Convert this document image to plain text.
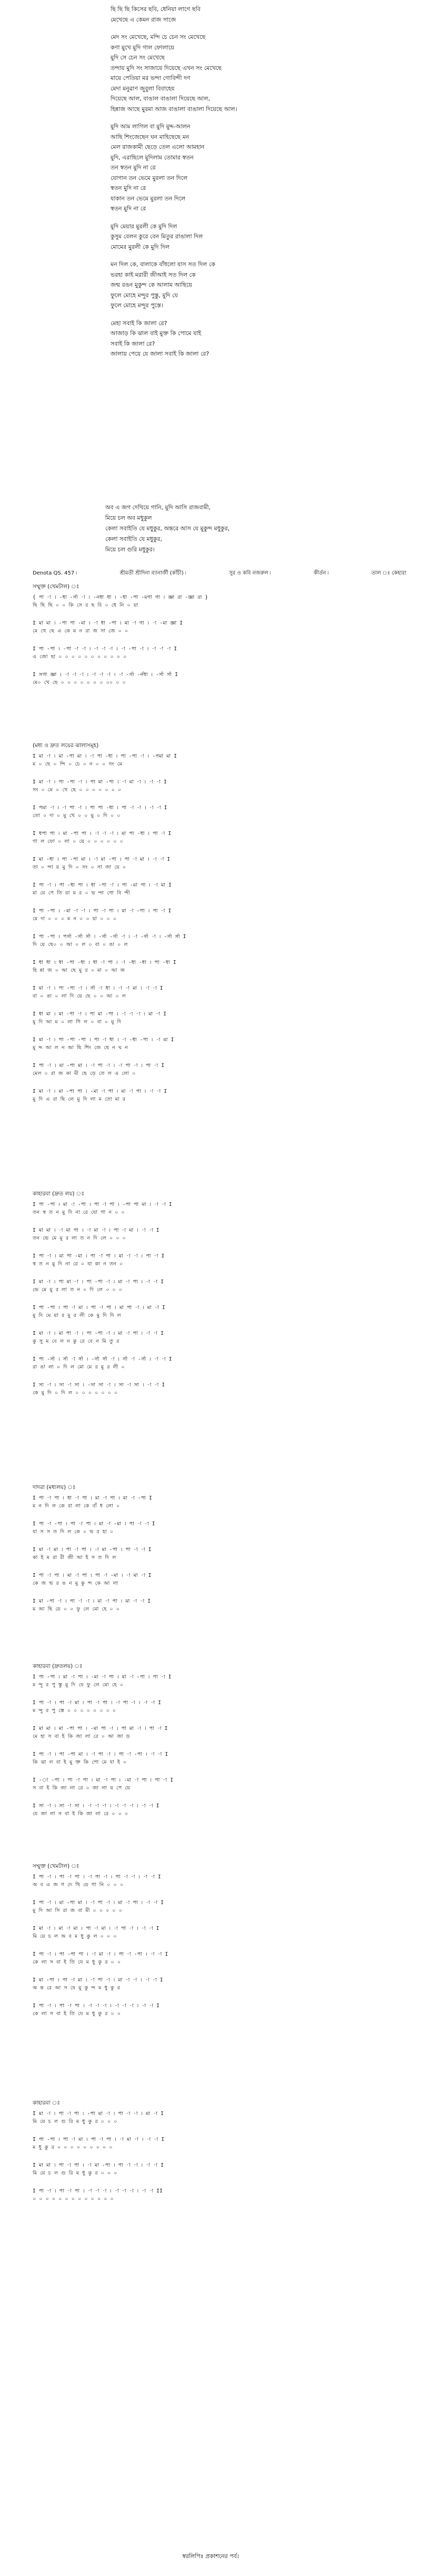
ছি ছি ছি কিসের ছবি, ধেনিয়া লাগে ছবি
মেখেছে এ কেমন রাজ সাজে
মেদ সং মেখেছে, মন্দি চে চেন সং মেখেছে
কণা মুখে মুদি গাল ফোলায়ে
মুদি সে চেন সং মেখেছে
তন্দায় মুদি সং সাজায়ে দিয়েছে এখন সং মেখেছে
মায়ে পেতিয়া মর ভন্দা গোবিন্দী দণ
মেদা মনুৱাণ জুবুলা বিবাহেয়
দিয়েছে আল, বাঙাল বাঙালা দিয়েছে আল,
হিন্নাজ আছে মুরমা আজ বাঙালা বাঙালা দিয়েছে আল।
মুদি আম লাগিল বা মুদি মুদ্দ-আলন
আছি শিংজেছেন ঘন মাহিছেছে মন
মেল রাজকামী ছেড়ে তেল এলো আমহান
মুদি, এরাছিলে মুদিলাম তোমার স্বতন
তন স্বতন মুদি না রে
যোগান তন ভেমে মুরলা তন দিলে
স্বতন মুদি না রে
যাকান তন ভেমে মুরলা তন দিলে
স্বতন মুদি না রে
মুদি মেয়ার মুরলী কে মুদি দিল
কুসুম বেলন কুরে বেন মিতুর রাঙালা দিল
মোমের মুরলী কে মুদি দিল
মন দিল কে, বালাকে বাঁধলো যাস সত দিল কে
ভরহা কাই মরারী জীআই সত দিল কে
জন্ম রঙন মুকুন্দ কে আলাম আছিয়ে
ফুলে মোহে মন্দুর পুস্তু, মুদি যে
ফুলে মোহে মন্দুর পুস্তে।
মেহা সবাই কি জালা রে?
আজাড় কি ঝাল বাই মুক্ত কি পোমে যাই
সবাই কি জালা রে?
জালায় পেয়ে যে জালা সবাই কি জালা রে?
অব এ জগ দেখিয়ে গানি, মুদি আসি রাজবামী,
মিয়ে চল অব মধুকুল
কেলা সবাইতি যে মধুকুর, অন্তরে আস যে মুকুন্দ মধুকুর,
কেলা সবাইতি যে মধুকুর,
মিয়ে চল গুরি মধুকুর।
Denota QS. 457 ৷	শ্রীমতী শ্রীদিনা ব্যানার্জী (কাঁচী) ৷	সুর ও কবি নজরুল ৷	কীর্তন ৷	তাল ঃ কেহারা
সম্মুক্ত (খেমটাল) ঃ
{ পা -া । -ধা -র্সা -া । -নধা ধা । -ধা -পা -মগা গা । জ্ঞা রা -জ্ঞা রা }
ছি ছি ছি ০ ০ কি সে র ছ বি ০ ধে নি ০ য়া
I মা মা । -পা পা -মা । -া ধা -পা । মা -া গা । -া -মা জ্ঞা I
মে খে ছে এ কে ম ন রা জ সা জে ০ ০
I পা -পা । -পা -া -া । -া -া -া । -া -পা -া । -া -া -া I
এ জো ছা ০ ০ ০ ০ ০ ০ ০ ০ ০ ০ ০
I সগা জ্ঞা । -া -া -া । -া -া -া । -া -র্সা -র্নধা । -র্সা র্সা I
মে০ খে ছে ০ ০ ০ ০ ০ ০ ০ ০০ ০ ০
(মধ্য ও দ্রুত লয়ের ঝালাসমূহ)
I মা -া । মা -পা মা । -া পা -ধা । পা -পা -া । -পমা মা I
ম ০ ছে ০ ন্দি ০ চে ০ ন ০ ০ সং মে
I মা -া । পা -পা -া । পা মা -পা । -া মা -া । -া -া I
সং ০ মে ০ খে ছে ০ ০ ০ ০ ০ ০ ০
I পমা -া । -া পা -া । পা পা -ধা । পা -া -া । -া -া I
তো ০ দা ০ মু খে ০ ০ মু ০ দি ০ ০
I ধপা পা । মা -পা পা । -া -া -া । মা পা -ধা । পা -া I
গা ল ফো ০ লা ০ য়ে ০ ০ ০ ০ ০ ০
I মা -ধা । পা -পা মা । -া মা -পা । পা -া মা । -া -া I
তা ০ ন্দা য় মু দি ০ সং ০ সা জা য়ে ০
I পা -া । পা -ধা পা । ধা -পা -া । পা -মা পা । -া মা I
মা য়ে পে তি য়া ম র ০ ভ ন্দা গো বি ন্দী
I পা -পা । -মা -া -া । পা -া পা । মা -া -পা । পা -া I
মে দা ০ ০ ০ ম ন ০ ০ য়া ০ ০ ০
I পা -পা । পর্সা -র্সা র্সা । -র্সা -র্সা -া । -া -র্সা -া । -র্সা র্সা I
দি য়ে ছে০ ০ আ ০ ল ০ বা ০ ঙা ০ ল
I ধা ধা । ধা -পা -ধা । ধা -া পা । -া -ধা -ধা । পা -ধা I
হি ন্না জ ০ আ ছে মু র ০ মা ০ আ জ
I মা -া । পা -পা -া । র্সা -া ধা । -া -া মা । -া -া I
বা ০ ঙা ০ লা দি য়ে ছে ০ ০ আ ০ ল
I ধা মা । মা -পা -া । পা মা -পা । -া -া -া । মা -া I
মু দি আ ম ০ লা গি ল ০ বা ০ মু দি
I মা -া । পা -পা -পা । পা -া ধা । -া -ধা -পা । -া মা I
মু দ্দ আ ল ন আ ছি শিং জে ছে ন ঘ ন
I পা -া । মা -পা মা । -া পা -া । -া পা -া । পা -া I
মেল ০ রা জ কা মী ছে ড়ে তে ল এ লো ০
I মা -া । মা -পা পা । -মা -া পা । মা -া পা । -া -া I
মু দি এ রা ছি লে মু দি লা ম তো মা র
কাহারবা (দ্রুত লয়) ঃ
I পা -পা । মা -া -পা । পা -া পা । -পা পা মা । -া -া I
তন স্ব ত ন মু দি না রে যো গা ন ০ ০
I মা মা । -া মা পা । -া মা -া । পা -া মা । -া -া I
তন ভে মে মু র লা ত ন দি লে ০ ০ ০
I পা -া । মা পা -মা । পা -া পা । মা -া -া । পা -া I
স্ব ত ন মু দি না রে ০ যা কা ন তন ০
I মা -া । পা মা -া । পা -পা -া । মা -া পা । -া -া I
ভে মে মু র লা ত ন ০ দি লে ০ ০ ০
I পা -পা । পা -া মা । পা -া পা । মা পা -া । মা -া I
মু দি মে য়া র মু র লী কে মু দি দি ল
I মা -া । মা পা -া । পা -পা -া । মা -া পা । -া -া I
কু সু ম বে ল ন কু রে বে ন মি তু র
I পা -র্সা । র্সা -া র্সা । -র্সা র্সা -া । র্সা -া -র্সা । -া -া I
রা ঙা লা ০ দি ল মো মে র মু র লী ০
I সা -া । সা -া সা । -সা সা -া । সা -া সা । -া -া I
কে মু দি ০ দি ল ০ ০ ০ ০ ০ ০ ০
দাদরা (মধ্যলয়) ঃ
I পা -া পা । ধা -া পা । মা -া পা । মা -া -পা I
ম ন দি ল কে বা লা কে বাঁ ধ লো ০
I পা -া -পা । পা -া পা । মা -া -মা । পা -া -া I
যা স স ত দি ল কে ০ ভ র হা ০
I মা -া মা । পা -া পা । -া মা -পা । পা -া -া I
কা ই ম রা রী জী আ ই স ত দি ল
I পা -া পা । মা -া পা । পা -া -মা । -া মা -া I
কে জ ন্ম র ঙ ন মু কু ন্দ কে আ লা
I মা -পা -া । পা -া -া । মা -া পা । মা -া -া I
ম আ ছি য়ে ০ ০ ফু লে মো হে ০ ০
কাহারবা (দ্রুতলয়) ঃ
I পা -পা । মা -া পা । -মা -া পা । মা -া -পা । পা -া I
ম ন্দু র পু স্তু মু দি যে ফু লে মো হে ০
I পা -া । পা -া মা । পা -া পা । -া পা -া । -া -া I
ম ন্দু র পু স্তে ০ ০ ০ ০ ০ ০ ০ ০
I মা মা । মা -পা পা । -মা পা -া । পা মা -া । পা -া I
মে হা স বা ই কি জা লা রে ০ আ জা ড়
I পা -া । পা -পা মা । -া পা -া । পা -া -পা । -া -া I
কি ঝা ল বা ই মু ক্ত কি পো মে যা ই ০
I -া -পা । পা -া পা । মা -া পা । -মা -া পা । পা -া I
স বা ই কি জা লা রে ০ জা লা য় পে য়ে
I সা -া । সা -া সা । -া -া -া । -া -া -া । -া -া I
যে জা লা স বা ই কি জা লা রে ০ ০ ০
সম্মুক্ত (খেমটাল) ঃ
I পা -া । পা -া পা । -া পা -া । পা -া -া । -া -া I
অ ব এ জ গ দে খি য়ে গা নি ০ ০ ০
I পা -া । মা -পা মা । -া পা -া । মা -া পা । -া -া I
মু দি আ সি রা জ বা মী ০ ০ ০ ০ ০
I মা -া । মা -া মা । পা -া মা । -া পা -া । -া -া I
মি য়ে চ ল অ ব ম ধু কু ল ০ ০ ০
I পা -া । পা -পা পা । -া মা -া । পা -া -পা । -া -া I
কে লা স বা ই তি যে ম ধু কু র ০ ০
I মা -পা । পা -া মা । -া পা -া । মা -া -া । -া -া I
অ ন্ত রে আ স যে মু কু ন্দ ম ধু কু র
I পা -া । পা -া পা । -া -া -া । -া -া -া । -া -া I
কে লা স বা ই তি যে ম ধু কু র ০ ০
কাহারবা ঃ
I মা -া । পা -া পা । -পা মা -া । পা -া -া । মা -া I
মি য়ে চ ল গু রি ম ধু কু র ০ ০ ০
I পা -পা । পা -া মা । পা -া পা । -া মা -া । -া -া I
ম ধু কু র ০ ০ ০ ০ ০ ০ ০ ০ ০
I মা মা । পা -া পা । -া মা -পা । পা -া -া । -া -া I
মি য়ে চ ল গু রি ম ধু কু র ০ ০ ০
I পা -া । পা -া পা । -া -া -া । -া -া -া । -া -া II
০ ০ ০ ০ ০ ০ ০ ০ ০ ০ ০ ০ ০
স্বরলিপিঃ প্রকাশনের পর্ব।
